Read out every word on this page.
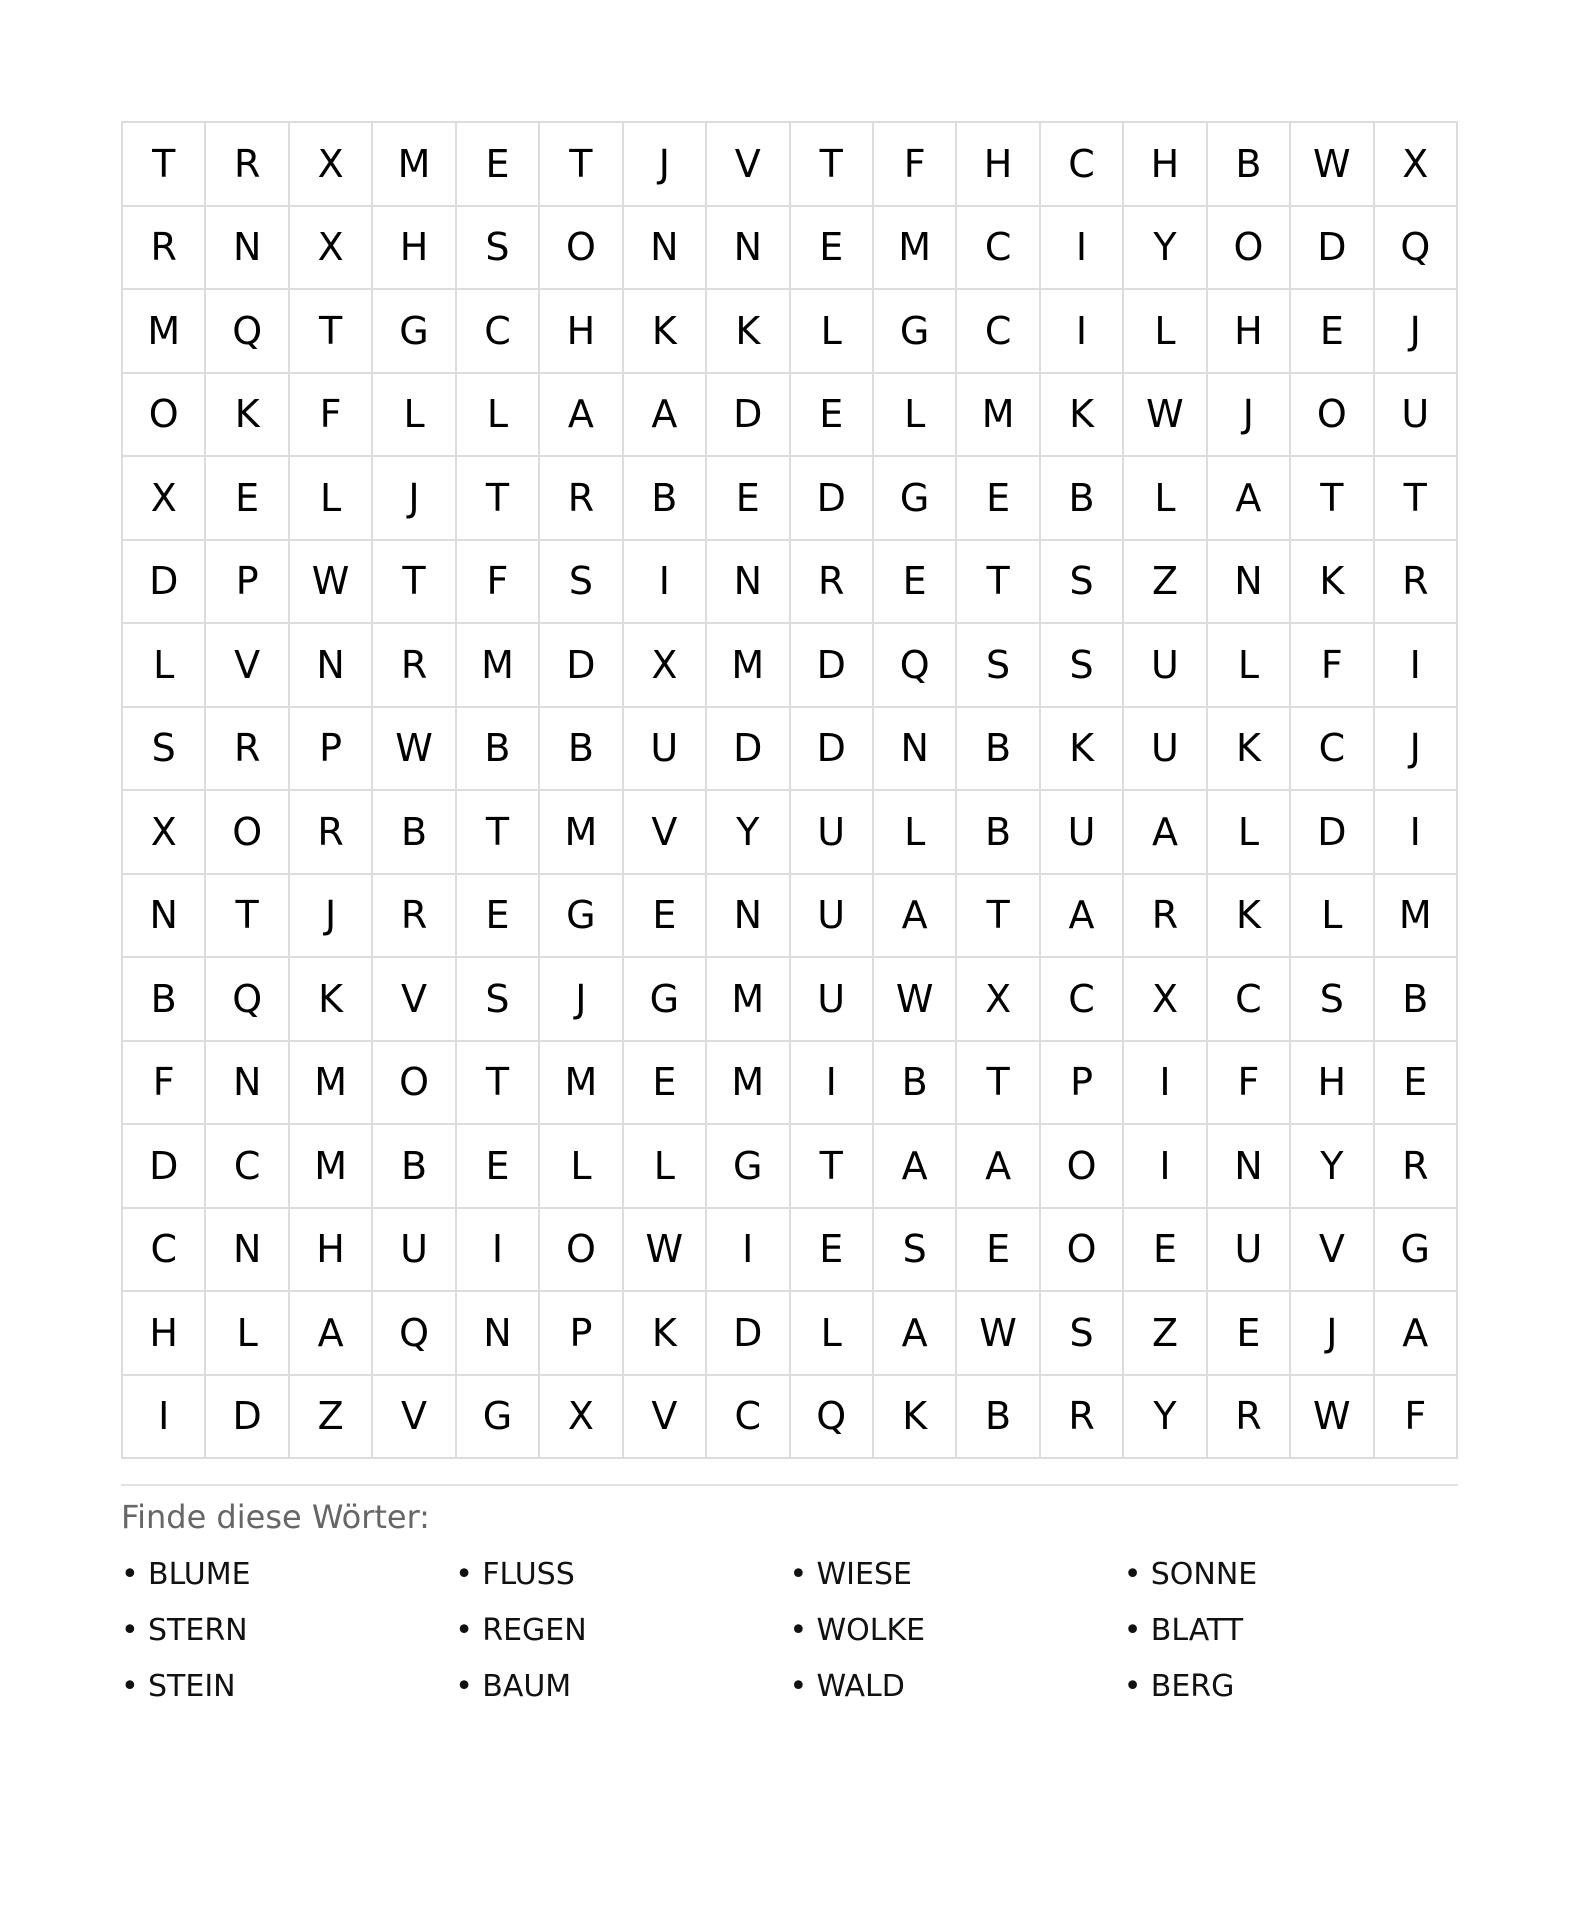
T	R	X	M	E	T	J	V	T	F	H	C	H	B	W	X
R	N	X	H	S	O	N	N	E	M	C	I	Y	O	D	Q
M	Q	T	G	C	H	K	K	L	G	C	I	L	H	E	J
O	K	F	L	L	A	A	D	E	L	M	K	W	J	O	U
X	E	L	J	T	R	B	E	D	G	E	B	L	A	T	T
D	P	W	T	F	S	I	N	R	E	T	S	Z	N	K	R
L	V	N	R	M	D	X	M	D	Q	S	S	U	L	F	I
S	R	P	W	B	B	U	D	D	N	B	K	U	K	C	J
X	O	R	B	T	M	V	Y	U	L	B	U	A	L	D	I
N	T	J	R	E	G	E	N	U	A	T	A	R	K	L	M
B	Q	K	V	S	J	G	M	U	W	X	C	X	C	S	B
F	N	M	O	T	M	E	M	I	B	T	P	I	F	H	E
D	C	M	B	E	L	L	G	T	A	A	O	I	N	Y	R
C	N	H	U	I	O	W	I	E	S	E	O	E	U	V	G
H	L	A	Q	N	P	K	D	L	A	W	S	Z	E	J	A
I	D	Z	V	G	X	V	C	Q	K	B	R	Y	R	W	F
Finde diese Wörter:
• BLUME	• FLUSS	• WIESE	• SONNE
• STERN	• REGEN	• WOLKE	• BLATT
• STEIN	• BAUM	• WALD	• BERG
